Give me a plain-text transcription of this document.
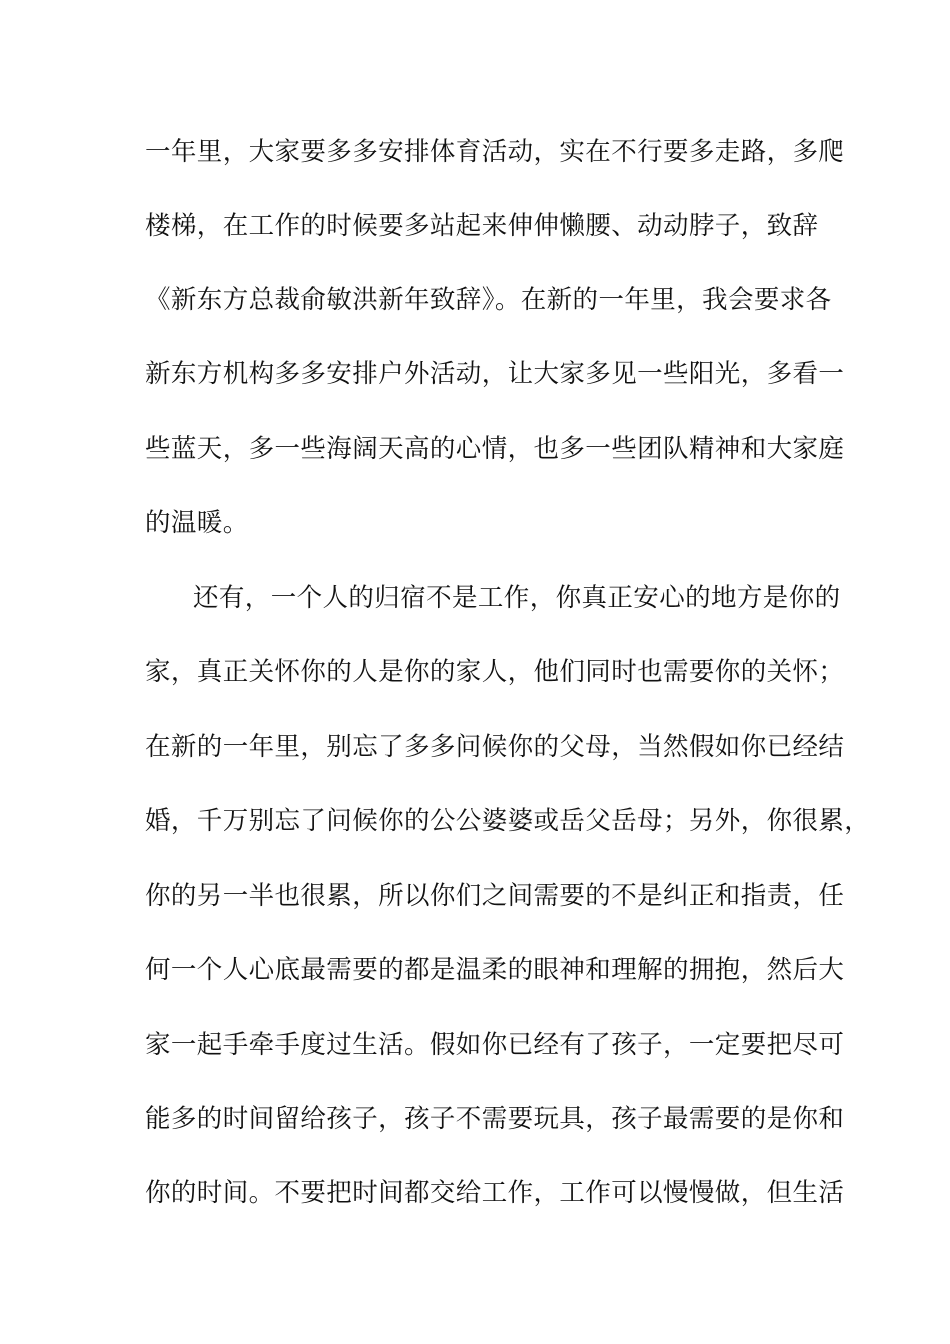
一年里，大家要多多安排体育活动，实在不行要多走路，多爬
楼梯，在工作的时候要多站起来伸伸懒腰、动动脖子，致辞
《新东方总裁俞敏洪新年致辞》。在新的一年里，我会要求各
新东方机构多多安排户外活动，让大家多见一些阳光，多看一
些蓝天，多一些海阔天高的心情，也多一些团队精神和大家庭
的温暖。
还有，一个人的归宿不是工作，你真正安心的地方是你的
家，真正关怀你的人是你的家人，他们同时也需要你的关怀；
在新的一年里，别忘了多多问候你的父母，当然假如你已经结
婚，千万别忘了问候你的公公婆婆或岳父岳母；另外，你很累，
你的另一半也很累，所以你们之间需要的不是纠正和指责，任
何一个人心底最需要的都是温柔的眼神和理解的拥抱，然后大
家一起手牵手度过生活。假如你已经有了孩子，一定要把尽可
能多的时间留给孩子，孩子不需要玩具，孩子最需要的是你和
你的时间。不要把时间都交给工作，工作可以慢慢做，但生活
